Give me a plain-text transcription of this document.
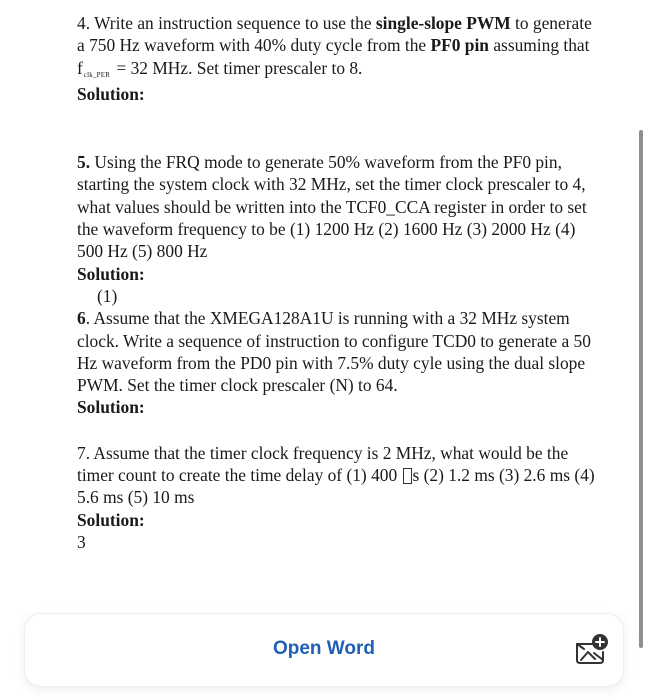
4. Write an instruction sequence to use the single-slope PWM to generate a 750 Hz waveform with 40% duty cycle from the PF0 pin assuming that fclk_PER = 32 MHz. Set timer prescaler to 8.

Solution:

5. Using the FRQ mode to generate 50% waveform from the PF0 pin, starting the system clock with 32 MHz, set the timer clock prescaler to 4, what values should be written into the TCF0_CCA register in order to set the waveform frequency to be (1) 1200 Hz (2) 1600 Hz (3) 2000 Hz (4) 500 Hz (5) 800 Hz

Solution:

(1)

6. Assume that the XMEGA128A1U is running with a 32 MHz system clock. Write a sequence of instruction to configure TCD0 to generate a 50 Hz waveform from the PD0 pin with 7.5% duty cyle using the dual slope PWM. Set the timer clock prescaler (N) to 64.

Solution:

7. Assume that the timer clock frequency is 2 MHz, what would be the timer count to create the time delay of (1) 400 s (2) 1.2 ms (3) 2.6 ms (4) 5.6 ms (5) 10 ms

Solution:

3

Open Word
